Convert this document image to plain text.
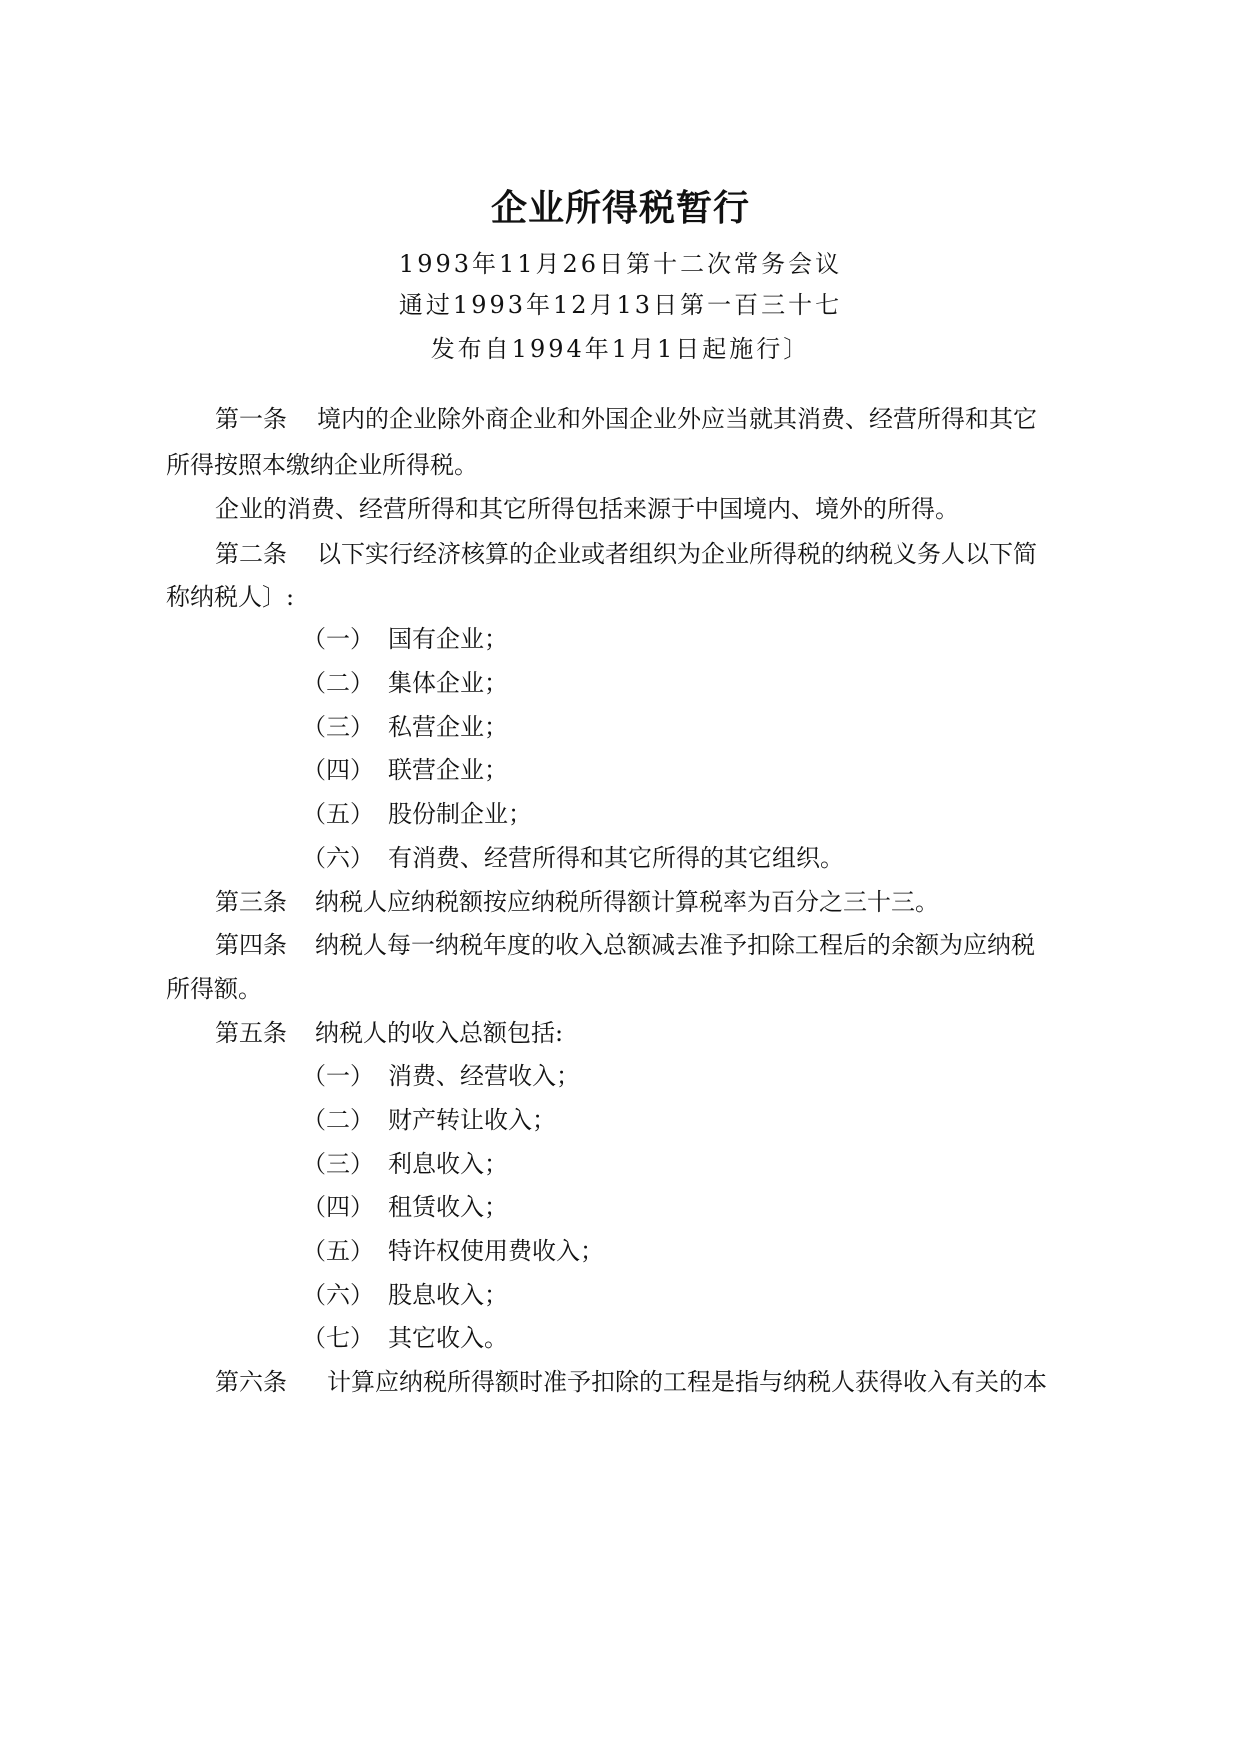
企业所得税暂行
1993年11月26日第十二次常务会议
通过1993年12月13日第一百三十七
发布自1994年1月1日起施行〕
第一条 境内的企业除外商企业和外国企业外应当就其消费、经营所得和其它
所得按照本缴纳企业所得税。
企业的消费、经营所得和其它所得包括来源于中国境内、境外的所得。
第二条 以下实行经济核算的企业或者组织为企业所得税的纳税义务人以下简
称纳税人〕:
（一） 国有企业；
（二） 集体企业；
（三） 私营企业；
（四） 联营企业；
（五） 股份制企业；
（六） 有消费、经营所得和其它所得的其它组织。
第三条 纳税人应纳税额按应纳税所得额计算税率为百分之三十三。
第四条 纳税人每一纳税年度的收入总额减去准予扣除工程后的余额为应纳税
所得额。
第五条 纳税人的收入总额包括:
（一） 消费、经营收入；
（二） 财产转让收入；
（三） 利息收入；
（四） 租赁收入；
（五） 特许权使用费收入；
（六） 股息收入；
（七） 其它收入。
第六条 计算应纳税所得额时准予扣除的工程是指与纳税人获得收入有关的本
